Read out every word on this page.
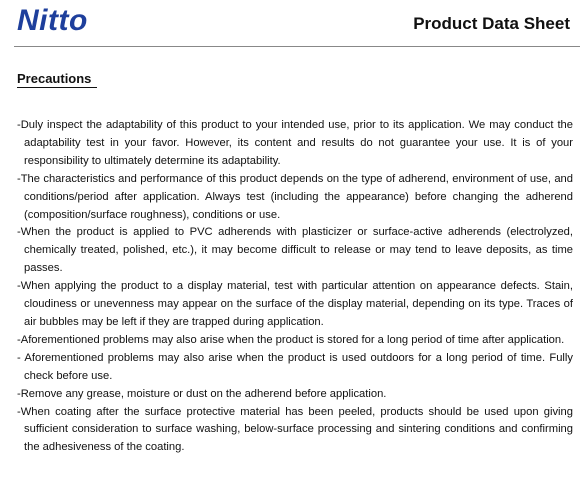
Nitto	Product Data Sheet
Precautions

-Duly inspect the adaptability of this product to your intended use, prior to its application. We may conduct the adaptability test in your favor. However, its content and results do not guarantee your use. It is of your responsibility to ultimately determine its adaptability.

-The characteristics and performance of this product depends on the type of adherend, environment of use, and conditions/period after application. Always test (including the appearance) before changing the adherend (composition/surface roughness), conditions or use.

-When the product is applied to PVC adherends with plasticizer or surface-active adherends (electrolyzed, chemically treated, polished, etc.), it may become difficult to release or may tend to leave deposits, as time passes.

-When applying the product to a display material, test with particular attention on appearance defects. Stain, cloudiness or unevenness may appear on the surface of the display material, depending on its type. Traces of air bubbles may be left if they are trapped during application.

-Aforementioned problems may also arise when the product is stored for a long period of time after application.

- Aforementioned problems may also arise when the product is used outdoors for a long period of time. Fully check before use.

-Remove any grease, moisture or dust on the adherend before application.

-When coating after the surface protective material has been peeled, products should be used upon giving sufficient consideration to surface washing, below-surface processing and sintering conditions and confirming the adhesiveness of the coating.
